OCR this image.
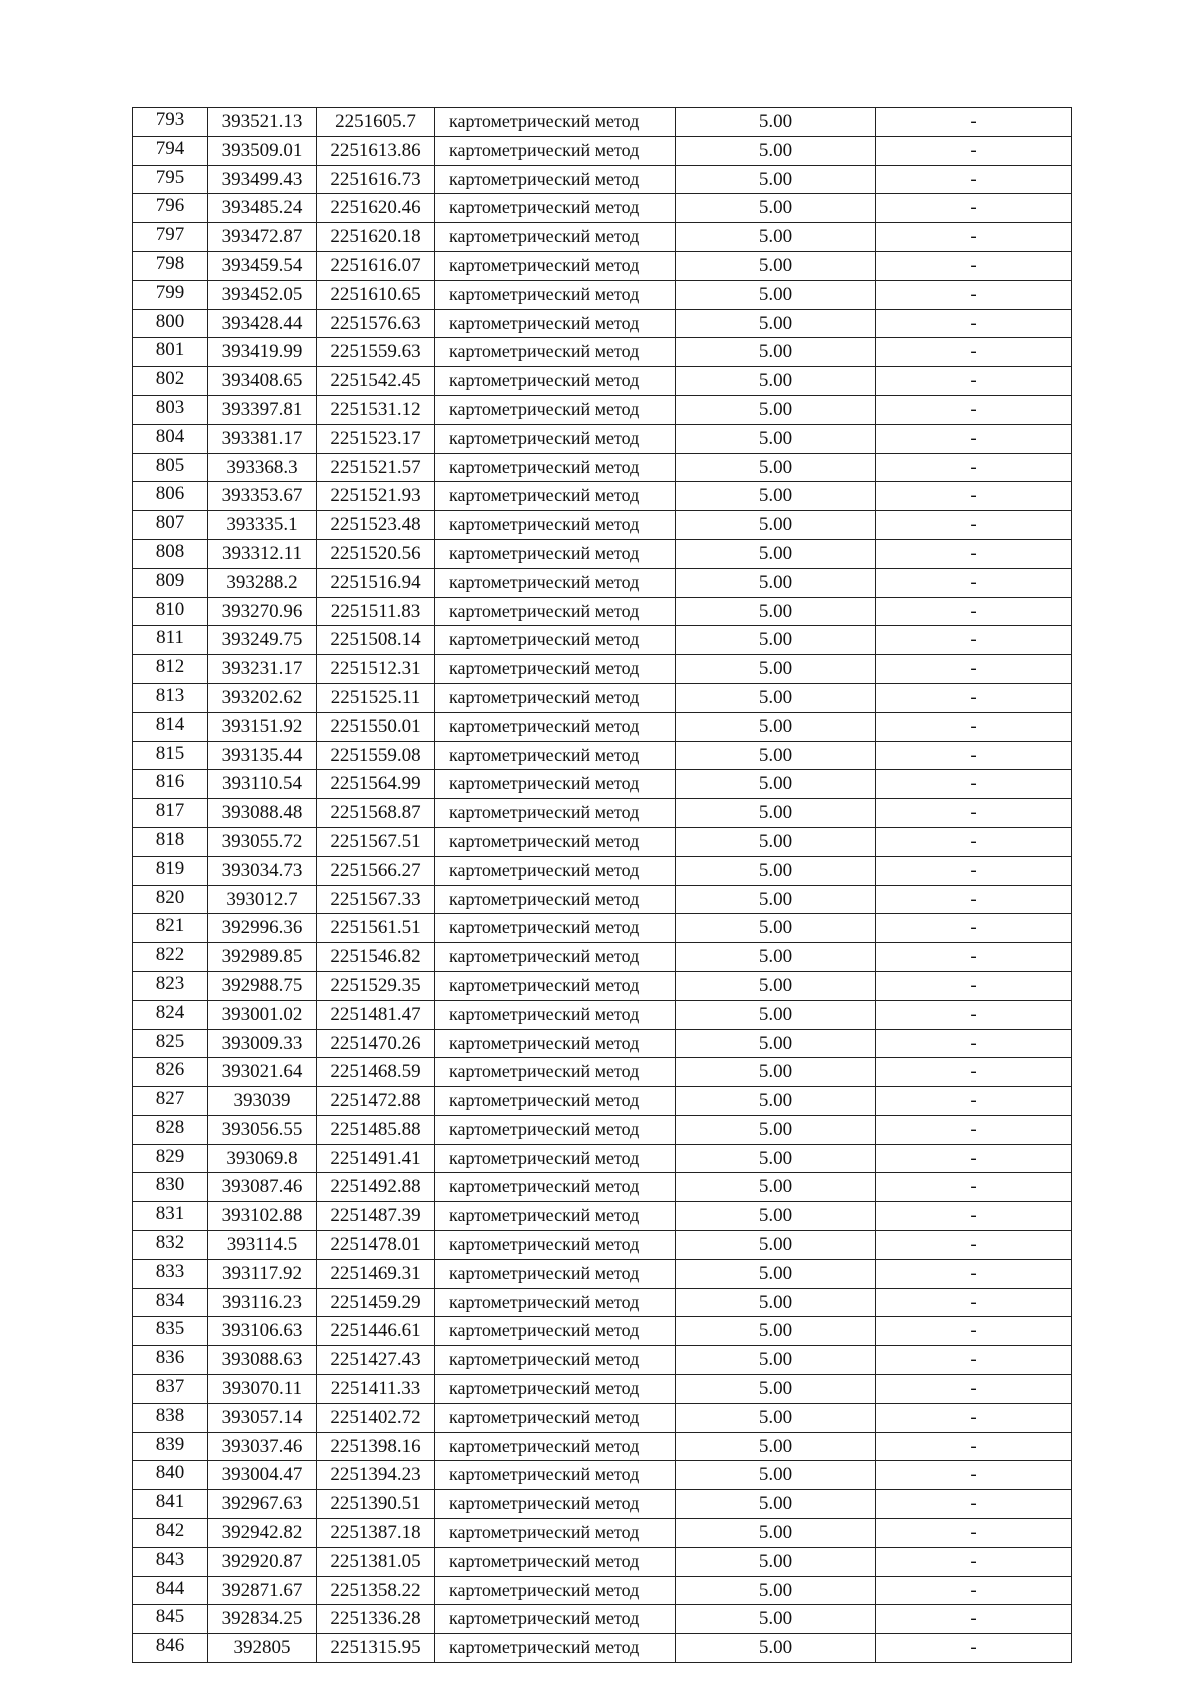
793	393521.13	2251605.7	картометрический метод	5.00	-
794	393509.01	2251613.86	картометрический метод	5.00	-
795	393499.43	2251616.73	картометрический метод	5.00	-
796	393485.24	2251620.46	картометрический метод	5.00	-
797	393472.87	2251620.18	картометрический метод	5.00	-
798	393459.54	2251616.07	картометрический метод	5.00	-
799	393452.05	2251610.65	картометрический метод	5.00	-
800	393428.44	2251576.63	картометрический метод	5.00	-
801	393419.99	2251559.63	картометрический метод	5.00	-
802	393408.65	2251542.45	картометрический метод	5.00	-
803	393397.81	2251531.12	картометрический метод	5.00	-
804	393381.17	2251523.17	картометрический метод	5.00	-
805	393368.3	2251521.57	картометрический метод	5.00	-
806	393353.67	2251521.93	картометрический метод	5.00	-
807	393335.1	2251523.48	картометрический метод	5.00	-
808	393312.11	2251520.56	картометрический метод	5.00	-
809	393288.2	2251516.94	картометрический метод	5.00	-
810	393270.96	2251511.83	картометрический метод	5.00	-
811	393249.75	2251508.14	картометрический метод	5.00	-
812	393231.17	2251512.31	картометрический метод	5.00	-
813	393202.62	2251525.11	картометрический метод	5.00	-
814	393151.92	2251550.01	картометрический метод	5.00	-
815	393135.44	2251559.08	картометрический метод	5.00	-
816	393110.54	2251564.99	картометрический метод	5.00	-
817	393088.48	2251568.87	картометрический метод	5.00	-
818	393055.72	2251567.51	картометрический метод	5.00	-
819	393034.73	2251566.27	картометрический метод	5.00	-
820	393012.7	2251567.33	картометрический метод	5.00	-
821	392996.36	2251561.51	картометрический метод	5.00	-
822	392989.85	2251546.82	картометрический метод	5.00	-
823	392988.75	2251529.35	картометрический метод	5.00	-
824	393001.02	2251481.47	картометрический метод	5.00	-
825	393009.33	2251470.26	картометрический метод	5.00	-
826	393021.64	2251468.59	картометрический метод	5.00	-
827	393039	2251472.88	картометрический метод	5.00	-
828	393056.55	2251485.88	картометрический метод	5.00	-
829	393069.8	2251491.41	картометрический метод	5.00	-
830	393087.46	2251492.88	картометрический метод	5.00	-
831	393102.88	2251487.39	картометрический метод	5.00	-
832	393114.5	2251478.01	картометрический метод	5.00	-
833	393117.92	2251469.31	картометрический метод	5.00	-
834	393116.23	2251459.29	картометрический метод	5.00	-
835	393106.63	2251446.61	картометрический метод	5.00	-
836	393088.63	2251427.43	картометрический метод	5.00	-
837	393070.11	2251411.33	картометрический метод	5.00	-
838	393057.14	2251402.72	картометрический метод	5.00	-
839	393037.46	2251398.16	картометрический метод	5.00	-
840	393004.47	2251394.23	картометрический метод	5.00	-
841	392967.63	2251390.51	картометрический метод	5.00	-
842	392942.82	2251387.18	картометрический метод	5.00	-
843	392920.87	2251381.05	картометрический метод	5.00	-
844	392871.67	2251358.22	картометрический метод	5.00	-
845	392834.25	2251336.28	картометрический метод	5.00	-
846	392805	2251315.95	картометрический метод	5.00	-
